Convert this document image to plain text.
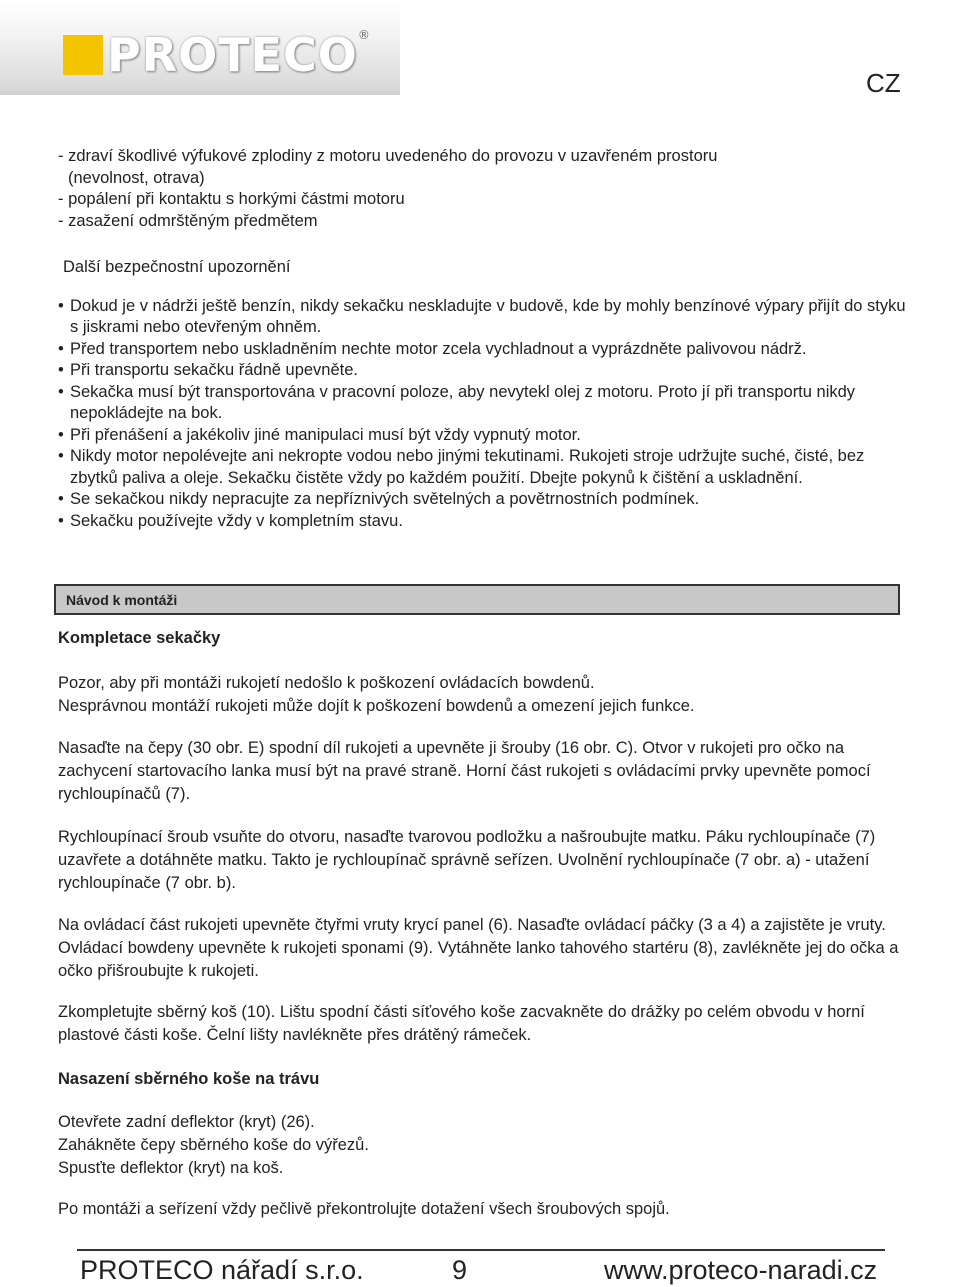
PROTECO ®
CZ

- zdraví škodlivé výfukové zplodiny z motoru uvedeného do provozu v uzavřeném prostoru

(nevolnost, otrava)

- popálení při kontaktu s horkými částmi motoru

- zasažení odmrštěným předmětem

Další bezpečnostní upozornění

• Dokud je v nádrži ještě benzín, nikdy sekačku neskladujte v budově, kde by mohly benzínové výpary přijít do styku s jiskrami nebo otevřeným ohněm.
• Před transportem nebo uskladněním nechte motor zcela vychladnout a vyprázdněte palivovou nádrž.
• Při transportu sekačku řádně upevněte.
• Sekačka musí být transportována v pracovní poloze, aby nevytekl olej z motoru. Proto jí při transportu nikdy nepokládejte na bok.
• Při přenášení a jakékoliv jiné manipulaci musí být vždy vypnutý motor.
• Nikdy motor nepolévejte ani nekropte vodou nebo jinými tekutinami. Rukojeti stroje udržujte suché, čisté, bez zbytků paliva a oleje. Sekačku čistěte vždy po každém použití. Dbejte pokynů k čištění a uskladnění.
• Se sekačkou nikdy nepracujte za nepříznivých světelných a povětrnostních podmínek.
• Sekačku používejte vždy v kompletním stavu.
Návod k montáži
Kompletace sekačky
Pozor, aby při montáži rukojetí nedošlo k poškození ovládacích bowdenů.
Nesprávnou montáží rukojeti může dojít k poškození bowdenů a omezení jejich funkce.
Nasaďte na čepy (30 obr. E) spodní díl rukojeti a upevněte ji šrouby (16 obr. C). Otvor v rukojeti pro očko na zachycení startovacího lanka musí být na pravé straně. Horní část rukojeti s ovládacími prvky upevněte pomocí rychloupínačů (7).
Rychloupínací šroub vsuňte do otvoru, nasaďte tvarovou podložku a našroubujte matku. Páku rychloupínače (7) uzavřete a dotáhněte matku. Takto je rychloupínač správně seřízen. Uvolnění rychloupínače (7 obr. a) - utažení rychloupínače (7 obr. b).
Na ovládací část rukojeti upevněte čtyřmi vruty krycí panel (6). Nasaďte ovládací páčky (3 a 4) a zajistěte je vruty. Ovládací bowdeny upevněte k rukojeti sponami (9). Vytáhněte lanko tahového startéru (8), zavlékněte jej do očka a očko přišroubujte k rukojeti.
Zkompletujte sběrný koš (10). Lištu spodní části síťového koše zacvakněte do drážky po celém obvodu v horní plastové části koše. Čelní lišty navlékněte přes drátěný rámeček.
Nasazení sběrného koše na trávu
Otevřete zadní deflektor (kryt) (26).
Zahákněte čepy sběrného koše do výřezů.
Spusťte deflektor (kryt) na koš.
Po montáži a seřízení vždy pečlivě překontrolujte dotažení všech šroubových spojů.
PROTECO nářadí s.r.o.	9	www.proteco-naradi.cz
